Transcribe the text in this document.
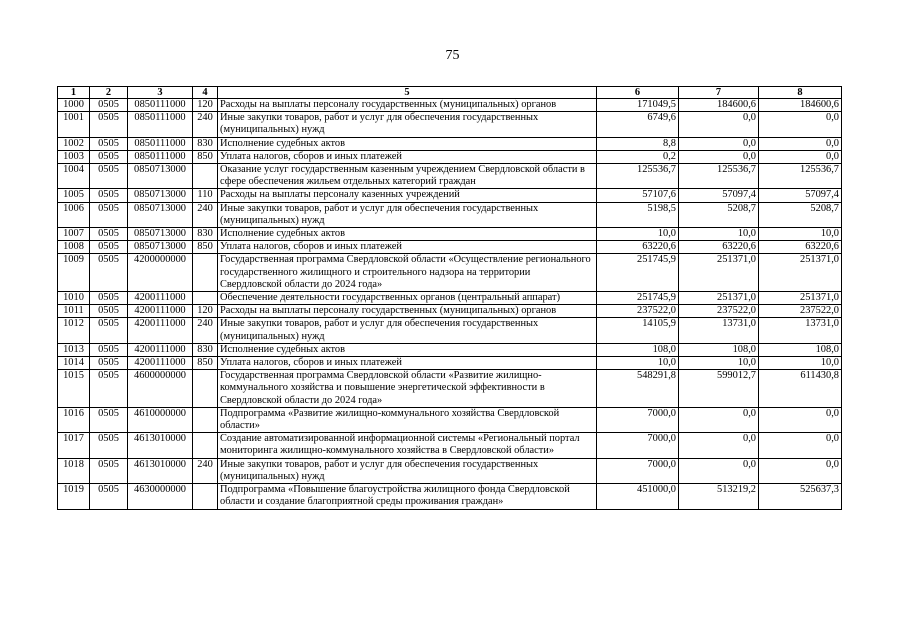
75
1	2	3	4	5	6	7	8
1000	0505	0850111000	120	Расходы на выплаты персоналу государственных (муниципальных) органов	171049,5	184600,6	184600,6
1001	0505	0850111000	240	Иные закупки товаров, работ и услуг для обеспечения государственных (муниципальных) нужд	6749,6	0,0	0,0
1002	0505	0850111000	830	Исполнение судебных актов	8,8	0,0	0,0
1003	0505	0850111000	850	Уплата налогов, сборов и иных платежей	0,2	0,0	0,0
1004	0505	0850713000		Оказание услуг государственным казенным учреждением Свердловской области в сфере обеспечения жильем отдельных категорий граждан	125536,7	125536,7	125536,7
1005	0505	0850713000	110	Расходы на выплаты персоналу казенных учреждений	57107,6	57097,4	57097,4
1006	0505	0850713000	240	Иные закупки товаров, работ и услуг для обеспечения государственных (муниципальных) нужд	5198,5	5208,7	5208,7
1007	0505	0850713000	830	Исполнение судебных актов	10,0	10,0	10,0
1008	0505	0850713000	850	Уплата налогов, сборов и иных платежей	63220,6	63220,6	63220,6
1009	0505	4200000000		Государственная программа Свердловской области «Осуществление регионального государственного жилищного и строительного надзора на территории Свердловской области до 2024 года»	251745,9	251371,0	251371,0
1010	0505	4200111000		Обеспечение деятельности государственных органов (центральный аппарат)	251745,9	251371,0	251371,0
1011	0505	4200111000	120	Расходы на выплаты персоналу государственных (муниципальных) органов	237522,0	237522,0	237522,0
1012	0505	4200111000	240	Иные закупки товаров, работ и услуг для обеспечения государственных (муниципальных) нужд	14105,9	13731,0	13731,0
1013	0505	4200111000	830	Исполнение судебных актов	108,0	108,0	108,0
1014	0505	4200111000	850	Уплата налогов, сборов и иных платежей	10,0	10,0	10,0
1015	0505	4600000000		Государственная программа Свердловской области «Развитие жилищно-коммунального хозяйства и повышение энергетической эффективности в Свердловской области до 2024 года»	548291,8	599012,7	611430,8
1016	0505	4610000000		Подпрограмма «Развитие жилищно-коммунального хозяйства Свердловской области»	7000,0	0,0	0,0
1017	0505	4613010000		Создание автоматизированной информационной системы «Региональный портал мониторинга жилищно-коммунального хозяйства в Свердловской области»	7000,0	0,0	0,0
1018	0505	4613010000	240	Иные закупки товаров, работ и услуг для обеспечения государственных (муниципальных) нужд	7000,0	0,0	0,0
1019	0505	4630000000		Подпрограмма «Повышение благоустройства жилищного фонда Свердловской области и создание благоприятной среды проживания граждан»	451000,0	513219,2	525637,3
